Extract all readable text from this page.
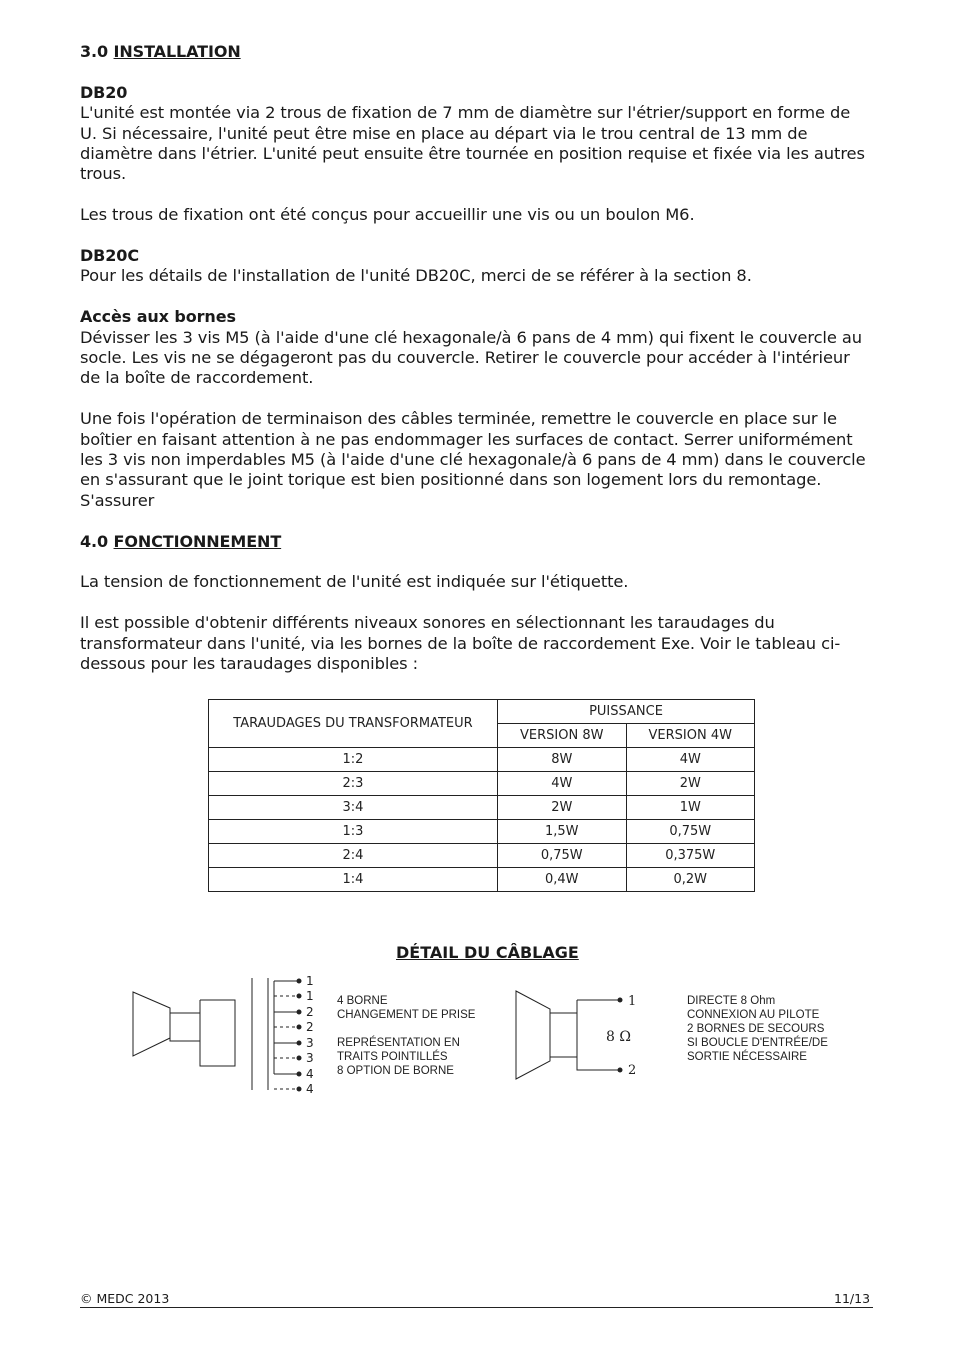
3.0 INSTALLATION

DB20

L'unité est montée via 2 trous de fixation de 7 mm de diamètre sur l'étrier/support en forme de U. Si nécessaire, l'unité peut être mise en place au départ via le trou central de 13 mm de diamètre dans l'étrier. L'unité peut ensuite être tournée en position requise et fixée via les autres trous.

Les trous de fixation ont été conçus pour accueillir une vis ou un boulon M6.

DB20C

Pour les détails de l'installation de l'unité DB20C, merci de se référer à la section 8.

Accès aux bornes

Dévisser les 3 vis M5 (à l'aide d'une clé hexagonale/à 6 pans de 4 mm) qui fixent le couvercle au socle. Les vis ne se dégageront pas du couvercle. Retirer le couvercle pour accéder à l'intérieur de la boîte de raccordement.

Une fois l'opération de terminaison des câbles terminée, remettre le couvercle en place sur le boîtier en faisant attention à ne pas endommager les surfaces de contact. Serrer uniformément les 3 vis non imperdables M5 (à l'aide d'une clé hexagonale/à 6 pans de 4 mm) dans le couvercle en s'assurant que le joint torique est bien positionné dans son logement lors du remontage. S'assurer

4.0 FONCTIONNEMENT

La tension de fonctionnement de l'unité est indiquée sur l'étiquette.

Il est possible d'obtenir différents niveaux sonores en sélectionnant les taraudages du transformateur dans l'unité, via les bornes de la boîte de raccordement Exe. Voir le tableau ci-dessous pour les taraudages disponibles :

TARAUDAGES DU TRANSFORMATEUR	PUISSANCE	
	VERSION 8W	VERSION 4W
1:2	8W	4W
2:3	4W	2W
3:4	2W	1W
1:3	1,5W	0,75W
2:4	0,75W	0,375W
1:4	0,4W	0,2W
DÉTAIL DU CÂBLAGE
1
1
2
2
3
3
4
4
4 BORNE
CHANGEMENT DE PRISE
REPRÉSENTATION EN
TRAITS POINTILLÉS
8 OPTION DE BORNE
1
2
8 Ω
DIRECTE 8 Ohm
CONNEXION AU PILOTE
2 BORNES DE SECOURS
SI BOUCLE D'ENTRÉE/DE
SORTIE NÉCESSAIRE
© MEDC 2013	11/13
